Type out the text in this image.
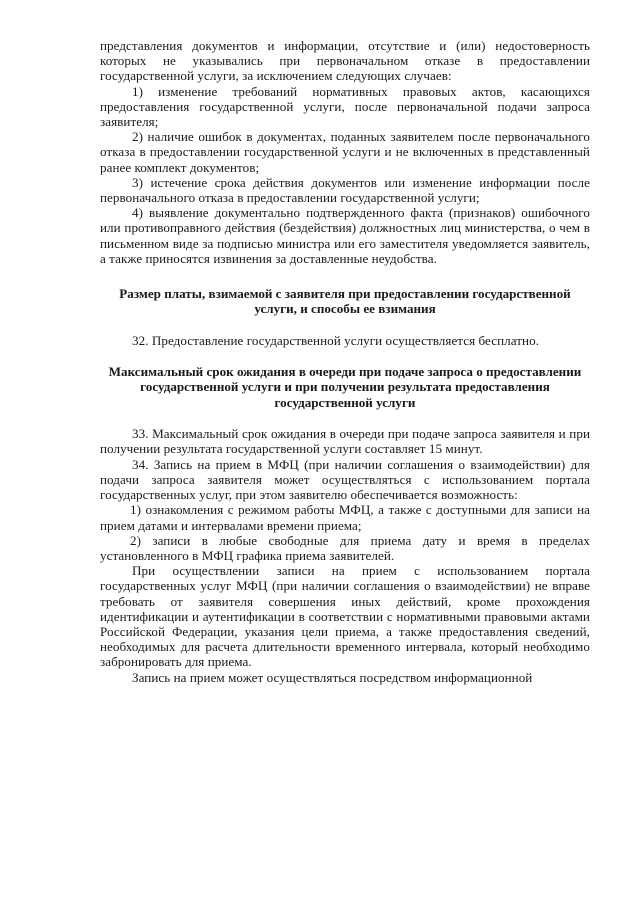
представления документов и информации, отсутствие и (или) недостоверность которых не указывались при первоначальном отказе в предоставлении государственной услуги, за исключением следующих случаев:

1) изменение требований нормативных правовых актов, касающихся предоставления государственной услуги, после первоначальной подачи запроса заявителя;

2) наличие ошибок в документах, поданных заявителем после первоначального отказа в предоставлении государственной услуги и не включенных в представленный ранее комплект документов;

3) истечение срока действия документов или изменение информации после первоначального отказа в предоставлении государственной услуги;

4) выявление документально подтвержденного факта (признаков) ошибочного или противоправного действия (бездействия) должностных лиц министерства, о чем в письменном виде за подписью министра или его заместителя уведомляется заявитель, а также приносятся извинения за доставленные неудобства.

Размер платы, взимаемой с заявителя при предоставлении государственной услуги, и способы ее взимания

32. Предоставление государственной услуги осуществляется бесплатно.

Максимальный срок ожидания в очереди при подаче запроса о предоставлении государственной услуги и при получении результата предоставления государственной услуги

33. Максимальный срок ожидания в очереди при подаче запроса заявителя и при получении результата государственной услуги составляет 15 минут.

34. Запись на прием в МФЦ (при наличии соглашения о взаимодействии) для подачи запроса заявителя может осуществляться с использованием портала государственных услуг, при этом заявителю обеспечивается возможность:

1) ознакомления с режимом работы МФЦ, а также с доступными для записи на прием датами и интервалами времени приема;

2) записи в любые свободные для приема дату и время в пределах установленного в МФЦ графика приема заявителей.

При осуществлении записи на прием с использованием портала государственных услуг МФЦ (при наличии соглашения о взаимодействии) не вправе требовать от заявителя совершения иных действий, кроме прохождения идентификации и аутентификации в соответствии с нормативными правовыми актами Российской Федерации, указания цели приема, а также предоставления сведений, необходимых для расчета длительности временного интервала, который необходимо забронировать для приема.

Запись на прием может осуществляться посредством информационной
